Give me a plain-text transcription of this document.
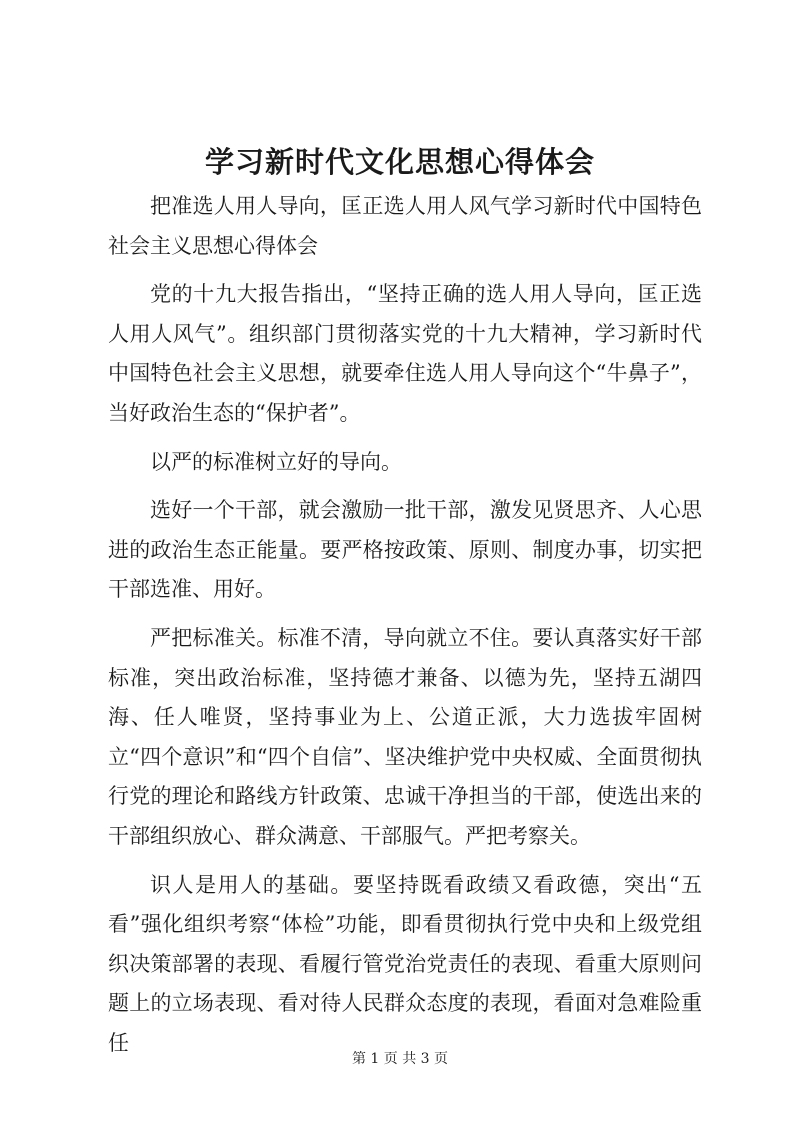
学习新时代文化思想心得体会

把准选人用人导向，匡正选人用人风气学习新时代中国特色社会主义思想心得体会

党的十九大报告指出，“坚持正确的选人用人导向，匡正选人用人风气”。组织部门贯彻落实党的十九大精神，学习新时代中国特色社会主义思想，就要牵住选人用人导向这个“牛鼻子”，当好政治生态的“保护者”。

以严的标准树立好的导向。

选好一个干部，就会激励一批干部，激发见贤思齐、人心思进的政治生态正能量。要严格按政策、原则、制度办事，切实把干部选准、用好。

严把标准关。标准不清，导向就立不住。要认真落实好干部标准，突出政治标准，坚持德才兼备、以德为先，坚持五湖四海、任人唯贤，坚持事业为上、公道正派，大力选拔牢固树立“四个意识”和“四个自信”、坚决维护党中央权威、全面贯彻执行党的理论和路线方针政策、忠诚干净担当的干部，使选出来的干部组织放心、群众满意、干部服气。严把考察关。

识人是用人的基础。要坚持既看政绩又看政德，突出“五看”强化组织考察“体检”功能，即看贯彻执行党中央和上级党组织决策部署的表现、看履行管党治党责任的表现、看重大原则问题上的立场表现、看对待人民群众态度的表现，看面对急难险重任

第 1 页 共 3 页
